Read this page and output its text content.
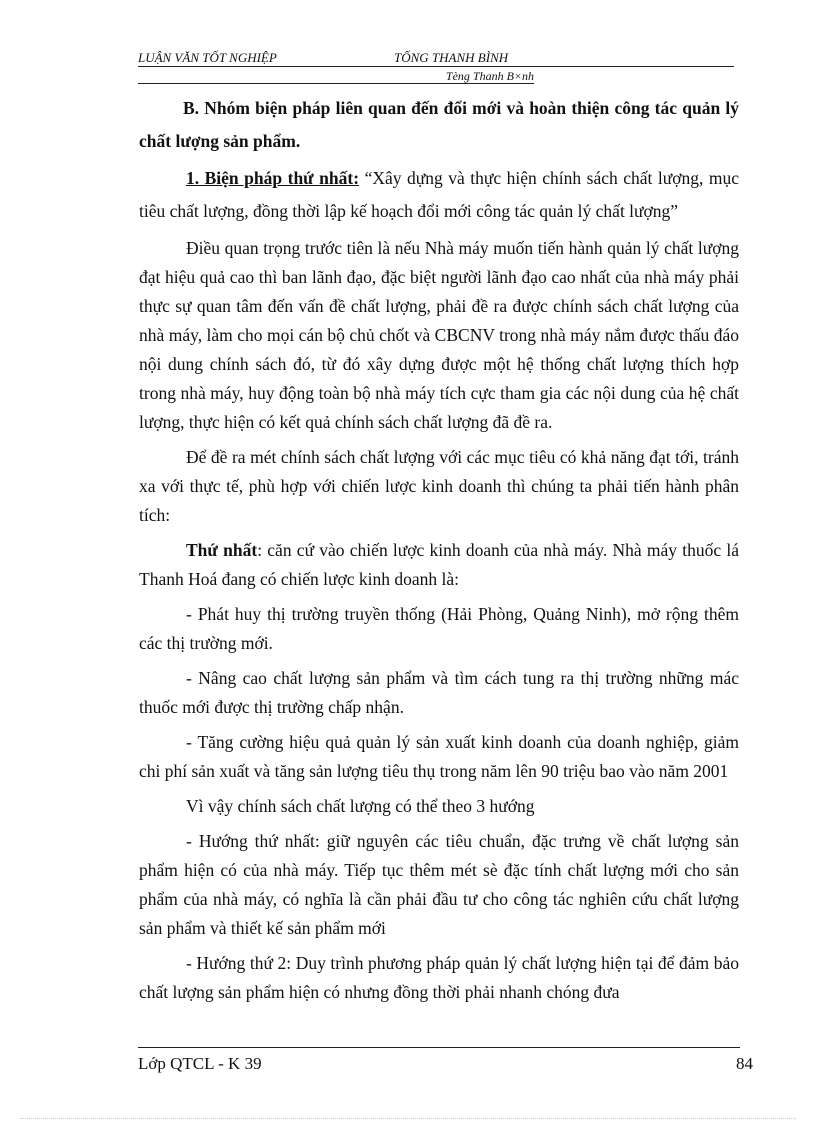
LUẬN VĂN TỐT NGHIỆP	TỐNG THANH BÌNH
Tèng Thanh B×nh

B. Nhóm biện pháp liên quan đến đổi mới và hoàn thiện công tác quản lý chất lượng sản phẩm.

1. Biện pháp thứ nhất: “Xây dựng và thực hiện chính sách chất lượng, mục tiêu chất lượng, đồng thời lập kế hoạch đổi mới công tác quản lý chất lượng”

Điều quan trọng trước tiên là nếu Nhà máy muốn tiến hành quản lý chất lượng đạt hiệu quả cao thì ban lãnh đạo, đặc biệt người lãnh đạo cao nhất của nhà máy phải thực sự quan tâm đến vấn đề chất lượng, phải đề ra được chính sách chất lượng của nhà máy, làm cho mọi cán bộ chủ chốt và CBCNV trong nhà máy nắm được thấu đáo nội dung chính sách đó, từ đó xây dựng được một hệ thống chất lượng thích hợp trong nhà máy, huy động toàn bộ nhà máy tích cực tham gia các nội dung của hệ chất lượng, thực hiện có kết quả chính sách chất lượng đã đề ra.

Để đề ra mét chính sách chất lượng với các mục tiêu có khả năng đạt tới, tránh xa với thực tế, phù hợp với chiến lược kinh doanh thì chúng ta phải tiến hành phân tích:

Thứ nhất: căn cứ vào chiến lược kinh doanh của nhà máy. Nhà máy thuốc lá Thanh Hoá đang có chiến lược kinh doanh là:

- Phát huy thị trường truyền thống (Hải Phòng, Quảng Ninh), mở rộng thêm các thị trường mới.

- Nâng cao chất lượng sản phẩm và tìm cách tung ra thị trường những mác thuốc mới được thị trường chấp nhận.

- Tăng cường hiệu quả quản lý sản xuất kinh doanh của doanh nghiệp, giảm chi phí sản xuất và tăng sản lượng tiêu thụ trong năm lên 90 triệu bao vào năm 2001

Vì vậy chính sách chất lượng có thể theo 3 hướng

- Hướng thứ nhất: giữ nguyên các tiêu chuẩn, đặc trưng về chất lượng sản phẩm hiện có của nhà máy. Tiếp tục thêm mét sè đặc tính chất lượng mới cho sản phẩm của nhà máy, có nghĩa là cần phải đầu tư cho công tác nghiên cứu chất lượng sản phẩm và thiết kế sản phẩm mới

- Hướng thứ 2: Duy trình phương pháp quản lý chất lượng hiện tại để đảm bảo chất lượng sản phẩm hiện có nhưng đồng thời phải nhanh chóng đưa

Lớp QTCL - K 39	84
